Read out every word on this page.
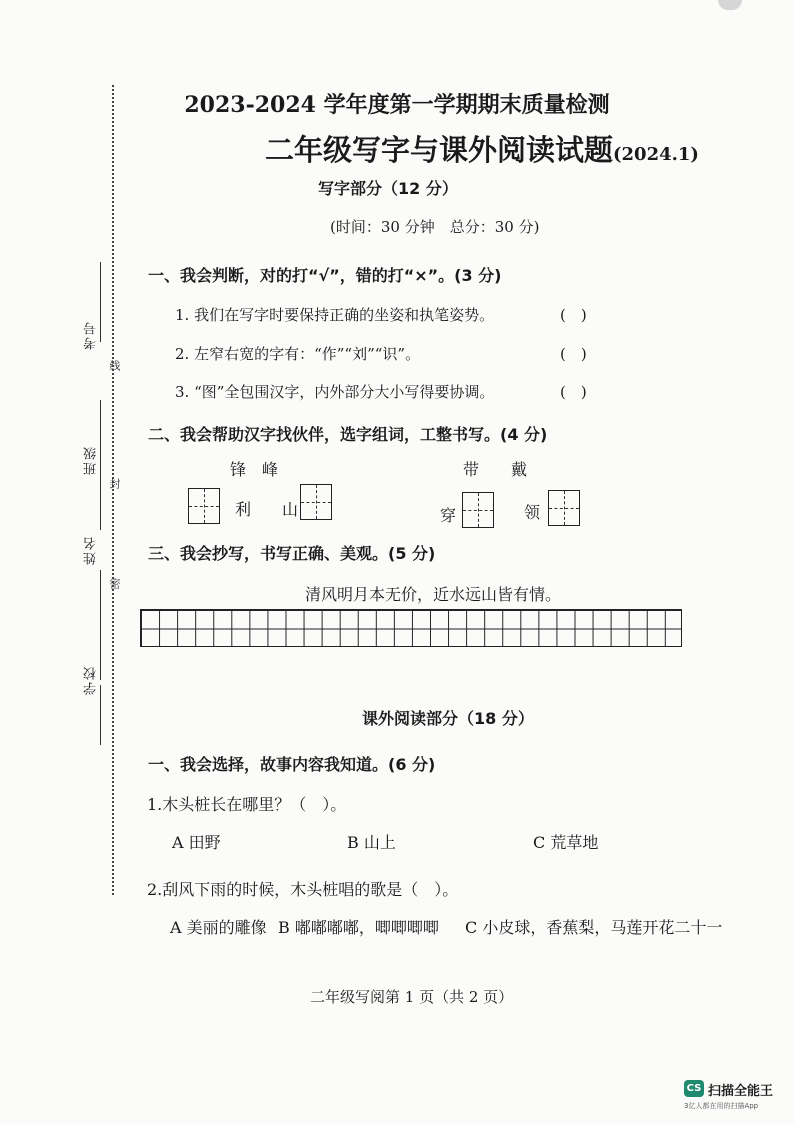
考号
班级
姓名
学校
线
封
密
2023-2024 学年度第一学期期末质量检测
二年级写字与课外阅读试题(2024.1)
写字部分（12 分）
(时间：30 分钟　总分：30 分)
一、我会判断，对的打“√”，错的打“×”。(3 分)
1. 我们在写字时要保持正确的坐姿和执笔姿势。	(　)
2. 左窄右宽的字有：“作”“刘”“识”。	(　)
3. “图”全包围汉字，内外部分大小写得要协调。	(　)
二、我会帮助汉字找伙伴，选字组词，工整书写。(4 分)
锋　峰	带　　戴
利 山	穿	领
三、我会抄写，书写正确、美观。(5 分)
清风明月本无价，近水远山皆有情。
课外阅读部分（18 分）
一、我会选择，故事内容我知道。(6 分)
1.木头桩长在哪里？（　）。
A 田野	B 山上	C 荒草地
2.刮风下雨的时候，木头桩唱的歌是（　）。
A 美丽的雕像 B 嘟嘟嘟嘟，唧唧唧唧 C 小皮球，香蕉梨，马莲开花二十一
二年级写阅第 1 页（共 2 页）
CS 扫描全能王
3亿人都在用的扫描App
